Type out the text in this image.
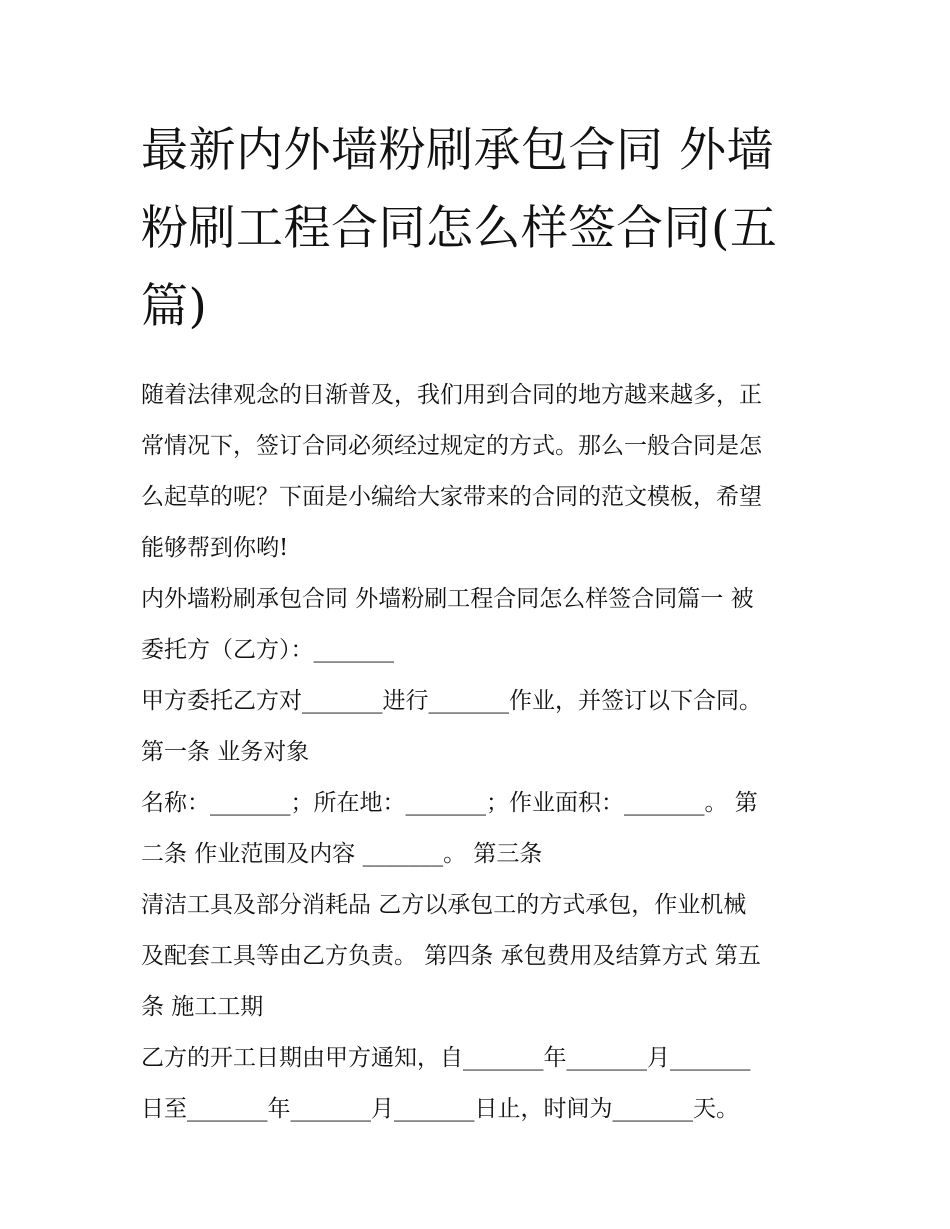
最新内外墙粉刷承包合同 外墙
粉刷工程合同怎么样签合同(五
篇)

随着法律观念的日渐普及，我们用到合同的地方越来越多，正
常情况下，签订合同必须经过规定的方式。那么一般合同是怎
么起草的呢？下面是小编给大家带来的合同的范文模板，希望
能够帮到你哟!

内外墙粉刷承包合同 外墙粉刷工程合同怎么样签合同篇一 被
委托方（乙方）：_______

甲方委托乙方对_______进行_______作业，并签订以下合同。

第一条 业务对象

名称：_______；所在地：_______；作业面积：_______。 第
二条 作业范围及内容 _______。 第三条

清洁工具及部分消耗品 乙方以承包工的方式承包，作业机械
及配套工具等由乙方负责。 第四条 承包费用及结算方式 第五
条 施工工期

乙方的开工日期由甲方通知，自_______年_______月_______
日至_______年_______月_______日止，时间为_______天。
